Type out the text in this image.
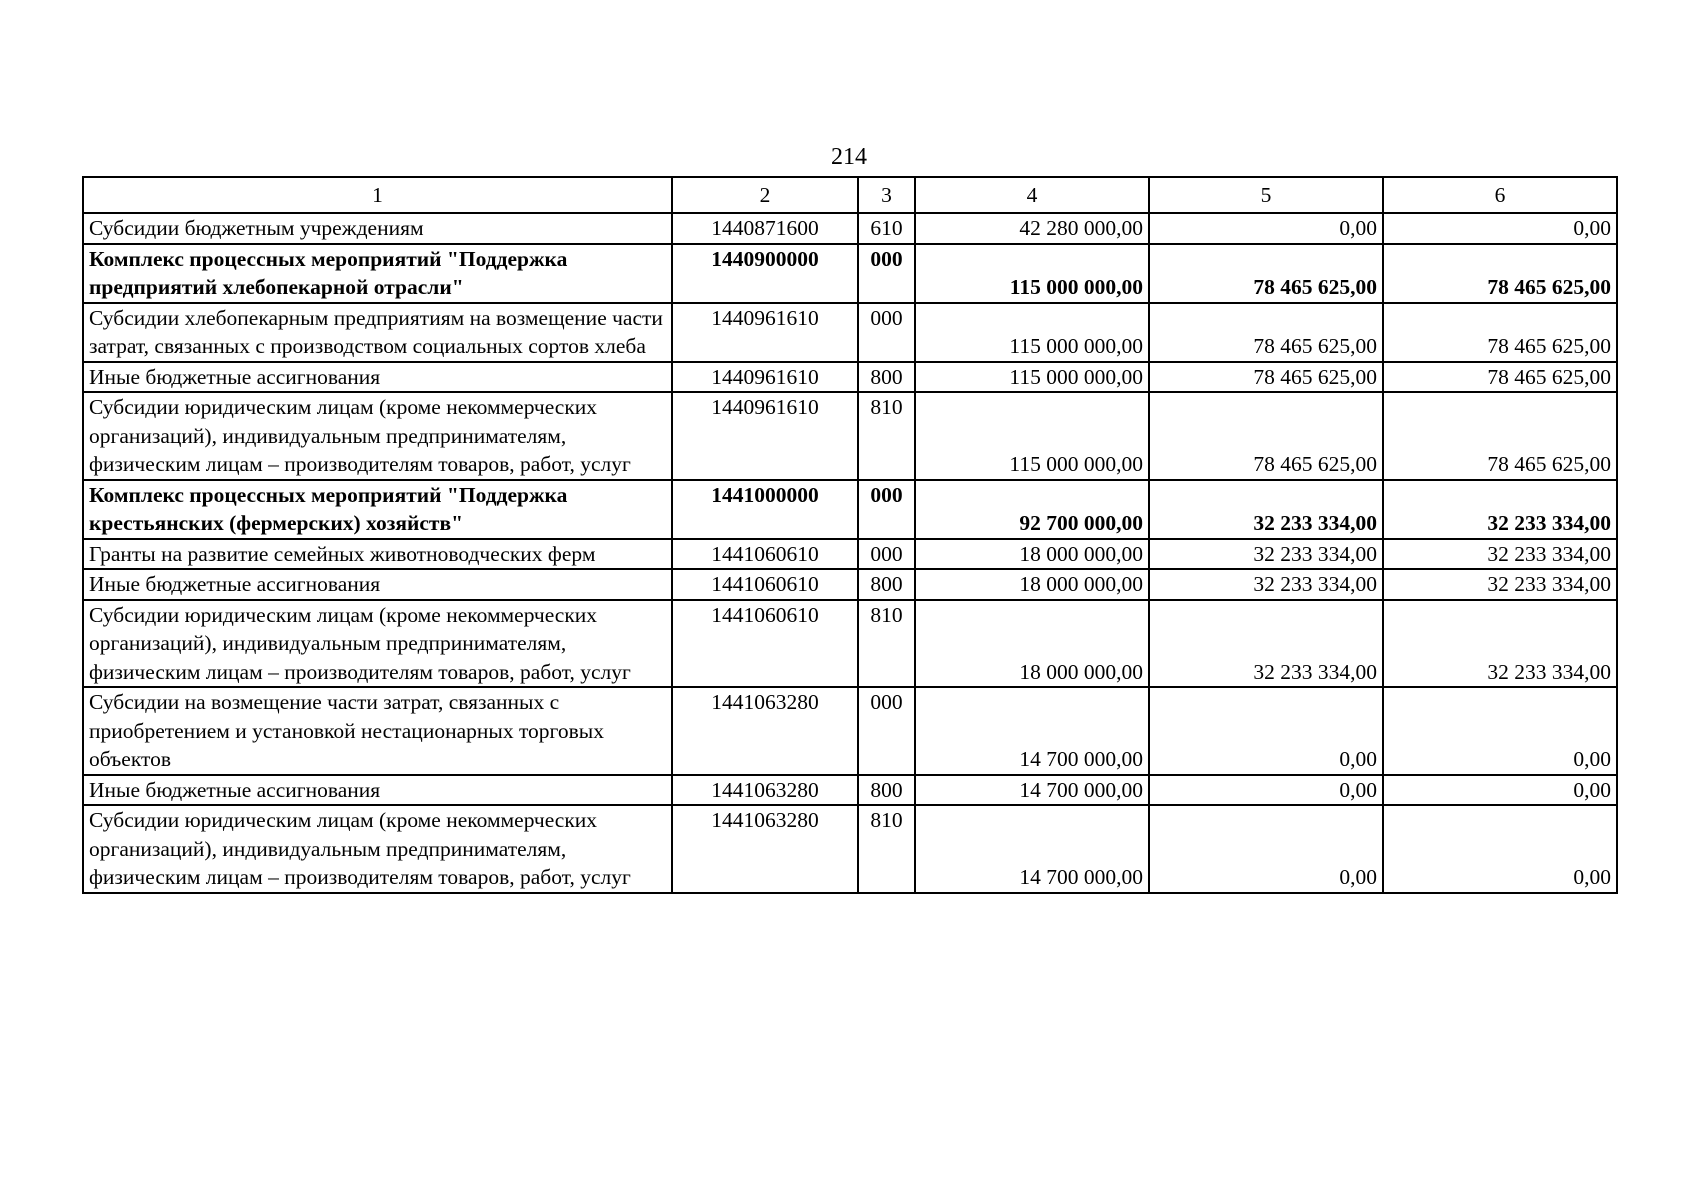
214
1	2	3	4	5	6
Субсидии бюджетным учреждениям	1440871600	610	42 280 000,00	0,00	0,00
Комплекс процессных мероприятий "Поддержка предприятий хлебопекарной отрасли"	1440900000	000	115 000 000,00	78 465 625,00	78 465 625,00
Субсидии хлебопекарным предприятиям на возмещение части затрат, связанных с производством социальных сортов хлеба	1440961610	000	115 000 000,00	78 465 625,00	78 465 625,00
Иные бюджетные ассигнования	1440961610	800	115 000 000,00	78 465 625,00	78 465 625,00
Субсидии юридическим лицам (кроме некоммерческих организаций), индивидуальным предпринимателям, физическим лицам – производителям товаров, работ, услуг	1440961610	810	115 000 000,00	78 465 625,00	78 465 625,00
Комплекс процессных мероприятий "Поддержка крестьянских (фермерских) хозяйств"	1441000000	000	92 700 000,00	32 233 334,00	32 233 334,00
Гранты на развитие семейных животноводческих ферм	1441060610	000	18 000 000,00	32 233 334,00	32 233 334,00
Иные бюджетные ассигнования	1441060610	800	18 000 000,00	32 233 334,00	32 233 334,00
Субсидии юридическим лицам (кроме некоммерческих организаций), индивидуальным предпринимателям, физическим лицам – производителям товаров, работ, услуг	1441060610	810	18 000 000,00	32 233 334,00	32 233 334,00
Субсидии на возмещение части затрат, связанных с приобретением и установкой нестационарных торговых объектов	1441063280	000	14 700 000,00	0,00	0,00
Иные бюджетные ассигнования	1441063280	800	14 700 000,00	0,00	0,00
Субсидии юридическим лицам (кроме некоммерческих организаций), индивидуальным предпринимателям, физическим лицам – производителям товаров, работ, услуг	1441063280	810	14 700 000,00	0,00	0,00
